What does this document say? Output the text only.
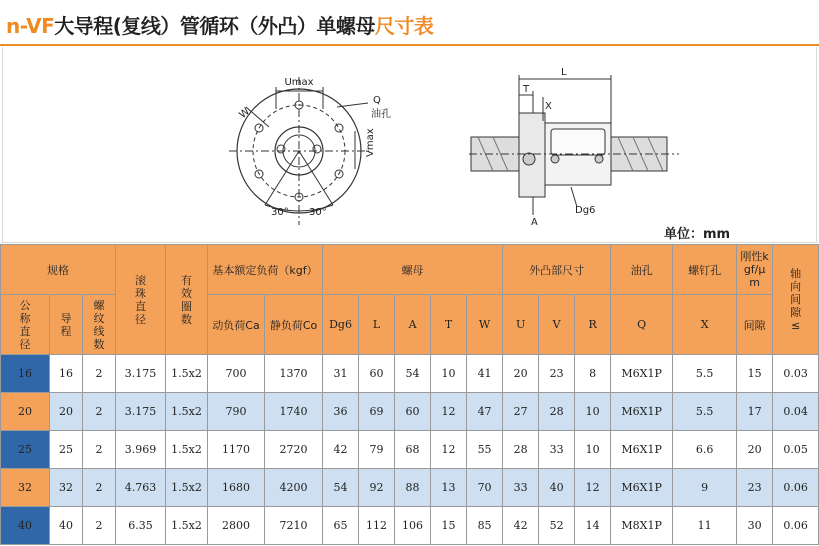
n-VF大导程(复线）管循环（外凸）单螺母尺寸表
Umax
W
Q
油孔
Vmax
30° 30°
L
T
X
A
Dg6
单位：mm
规格			滚珠直径	有效圈数	基本额定负荷（kgf）		螺母					外凸部尺寸			油孔	螺钉孔	刚性kgf/μm	轴向间隙≤

公称直径	导程	螺纹线数			动负荷Ca	静负荷Co	Dg6	L	A	T	W	U	V	R	Q	X	间隙	
16	16	2	3.175	1.5x2	700	1370	31	60	54	10	41	20	23	8	M6X1P	5.5	15	0.03
20	20	2	3.175	1.5x2	790	1740	36	69	60	12	47	27	28	10	M6X1P	5.5	17	0.04
25	25	2	3.969	1.5x2	1170	2720	42	79	68	12	55	28	33	10	M6X1P	6.6	20	0.05
32	32	2	4.763	1.5x2	1680	4200	54	92	88	13	70	33	40	12	M6X1P	9	23	0.06
40	40	2	6.35	1.5x2	2800	7210	65	112	106	15	85	42	52	14	M8X1P	11	30	0.06
